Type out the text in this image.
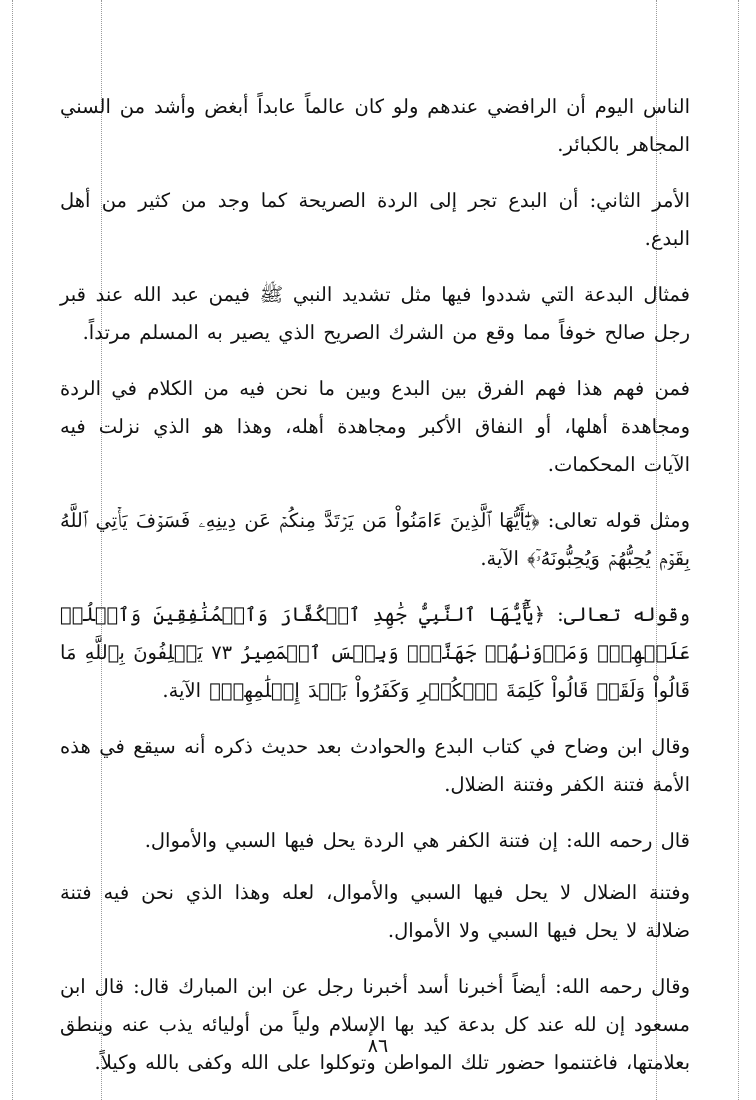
الناس اليوم أن الرافضي عندهم ولو كان عالماً عابداً أبغض وأشد من السني المجاهر بالكبائر.

الأمر الثاني: أن البدع تجر إلى الردة الصريحة كما وجد من كثير من أهل البدع.

فمثال البدعة التي شددوا فيها مثل تشديد النبي ﷺ فيمن عبد الله عند قبر رجل صالح خوفاً مما وقع من الشرك الصريح الذي يصير به المسلم مرتداً.

فمن فهم هذا فهم الفرق بين البدع وبين ما نحن فيه من الكلام في الردة ومجاهدة أهلها، أو النفاق الأكبر ومجاهدة أهله، وهذا هو الذي نزلت فيه الآيات المحكمات.

ومثل قوله تعالى: ﴿يَٰٓأَيُّهَا ٱلَّذِينَ ءَامَنُواْ مَن يَرۡتَدَّ مِنكُمۡ عَن دِينِهِۦ فَسَوۡفَ يَأۡتِي ٱللَّهُ بِقَوۡمٖ يُحِبُّهُمۡ وَيُحِبُّونَهُۥٓ﴾ الآية.

وقوله تعالى: ﴿يَٰٓأَيُّهَا ٱلنَّبِيُّ جَٰهِدِ ٱلۡكُفَّارَ وَٱلۡمُنَٰفِقِينَ وَٱغۡلُظۡ عَلَيۡهِمۡۚ وَمَأۡوَىٰهُمۡ جَهَنَّمُۖ وَبِئۡسَ ٱلۡمَصِيرُ ٧٣ يَحۡلِفُونَ بِٱللَّهِ مَا قَالُواْ وَلَقَدۡ قَالُواْ كَلِمَةَ ٱلۡكُفۡرِ وَكَفَرُواْ بَعۡدَ إِسۡلَٰمِهِمۡ﴾ الآية.

وقال ابن وضاح في كتاب البدع والحوادث بعد حديث ذكره أنه سيقع في هذه الأمة فتنة الكفر وفتنة الضلال.

قال رحمه الله: إن فتنة الكفر هي الردة يحل فيها السبي والأموال.

وفتنة الضلال لا يحل فيها السبي والأموال، لعله وهذا الذي نحن فيه فتنة ضلالة لا يحل فيها السبي ولا الأموال.

وقال رحمه الله: أيضاً أخبرنا أسد أخبرنا رجل عن ابن المبارك قال: قال ابن مسعود إن لله عند كل بدعة كيد بها الإسلام ولياً من أوليائه يذب عنه وينطق بعلامتها، فاغتنموا حضور تلك المواطن وتوكلوا على الله وكفى بالله وكيلاً.

٨٦
